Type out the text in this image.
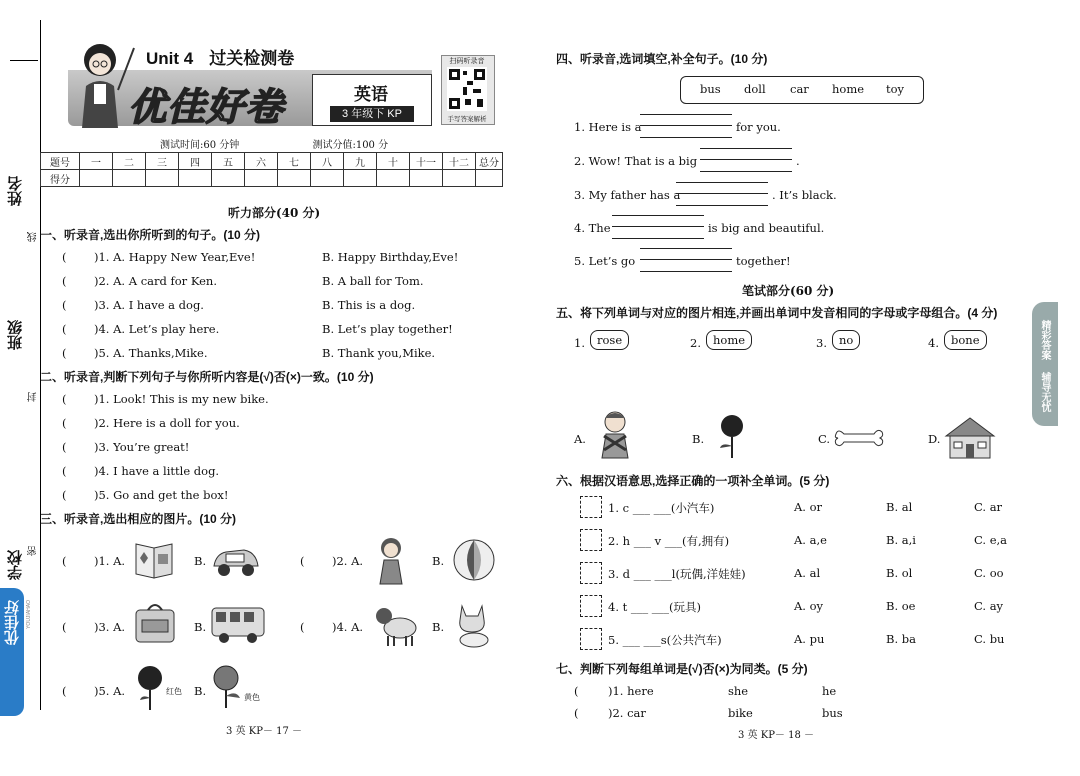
姓名
线
班级
封
学校 密
优佳好	YOUJIAHAO
Unit 4 过关检测卷
优佳好卷	英语
3 年级下 KP
扫码听录音
手写答案解析
测试时间:60 分钟	测试分值:100 分
题号	一	二	三	四	五	六	七	八	九	十	十一	十二	总分
得分													
听力部分(40 分)
一、听录音,选出你所听到的句子。(10 分)
( )1. A. Happy New Year,Eve!	B. Happy Birthday,Eve!
( )2. A. A card for Ken.	B. A ball for Tom.
( )3. A. I have a dog.	B. This is a dog.
( )4. A. Let’s play here.	B. Let’s play together!
( )5. A. Thanks,Mike.	B. Thank you,Mike.
二、听录音,判断下列句子与你所听内容是(√)否(×)一致。(10 分)
( )1. Look! This is my new bike.
( )2. Here is a doll for you.
( )3. You’re great!
( )4. I have a little dog.
( )5. Go and get the box!
三、听录音,选出相应的图片。(10 分)
( )1. A.	B.	( )2. A.	B.
( )3. A.	B.	( )4. A.	B.
( )5. A.	红色 B.	黄色
3 英 KP－ 17 －
四、听录音,选词填空,补全句子。(10 分)
bus doll car home toy
1. Here is a	for you.
2. Wow! That is a big	.
3. My father has a	. It’s black.
4. The	is big and beautiful.
5. Let’s go	together!
笔试部分(60 分)
五、将下列单词与对应的图片相连,并画出单词中发音相同的字母或字母组合。(4 分)
1.	rose	2.	home	3.	no	4.	bone
A.	B.	C.	D.
六、根据汉语意思,选择正确的一项补全单词。(5 分)
1. c ___ ___(小汽车)	A. or	B. al	C. ar
2. h ___ v ___(有,拥有)	A. a,e	B. a,i	C. e,a
3. d ___ ___l(玩偶,洋娃娃)	A. al	B. ol	C. oo
4. t ___ ___(玩具)	A. oy	B. oe	C. ay
5. ___ ___s(公共汽车)	A. pu	B. ba	C. bu
七、判断下列每组单词是(√)否(×)为同类。(5 分)
(	)1. here	she	he
(	)2. car	bike	bus
3 英 KP－ 18 －
精彩答案
辅导无忧
